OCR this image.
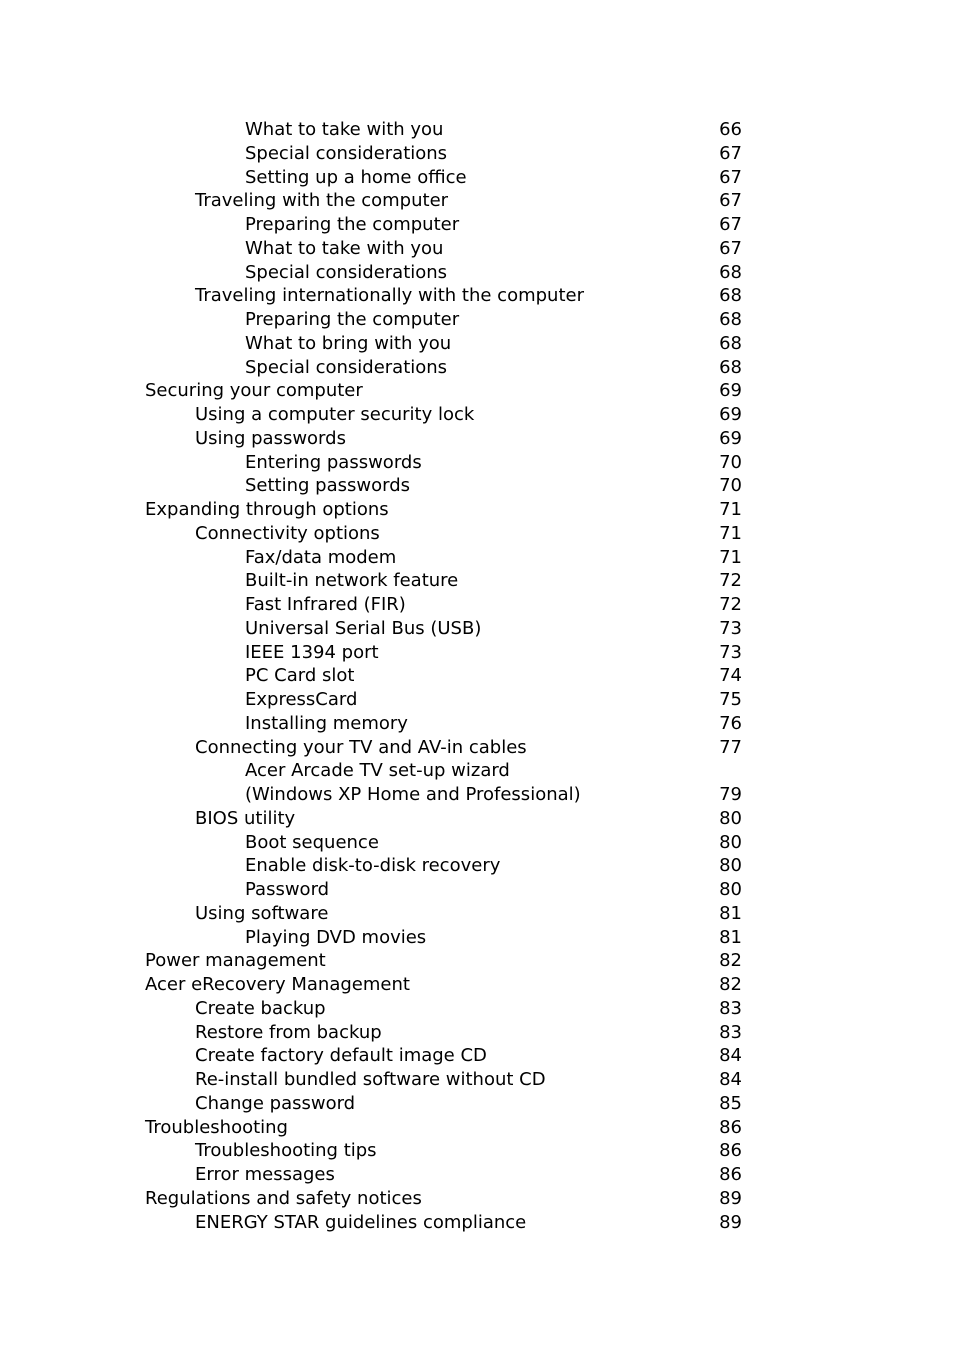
What to take with you	66
Special considerations	67
Setting up a home office	67
Traveling with the computer	67
Preparing the computer	67
What to take with you	67
Special considerations	68
Traveling internationally with the computer	68
Preparing the computer	68
What to bring with you	68
Special considerations	68
Securing your computer	69
Using a computer security lock	69
Using passwords	69
Entering passwords	70
Setting passwords	70
Expanding through options	71
Connectivity options	71
Fax/data modem	71
Built-in network feature	72
Fast Infrared (FIR)	72
Universal Serial Bus (USB)	73
IEEE 1394 port	73
PC Card slot	74
ExpressCard	75
Installing memory	76
Connecting your TV and AV-in cables	77
Acer Arcade TV set-up wizard
(Windows XP Home and Professional)	79
BIOS utility	80
Boot sequence	80
Enable disk-to-disk recovery	80
Password	80
Using software	81
Playing DVD movies	81
Power management	82
Acer eRecovery Management	82
Create backup	83
Restore from backup	83
Create factory default image CD	84
Re-install bundled software without CD	84
Change password	85
Troubleshooting	86
Troubleshooting tips	86
Error messages	86
Regulations and safety notices	89
ENERGY STAR guidelines compliance	89
